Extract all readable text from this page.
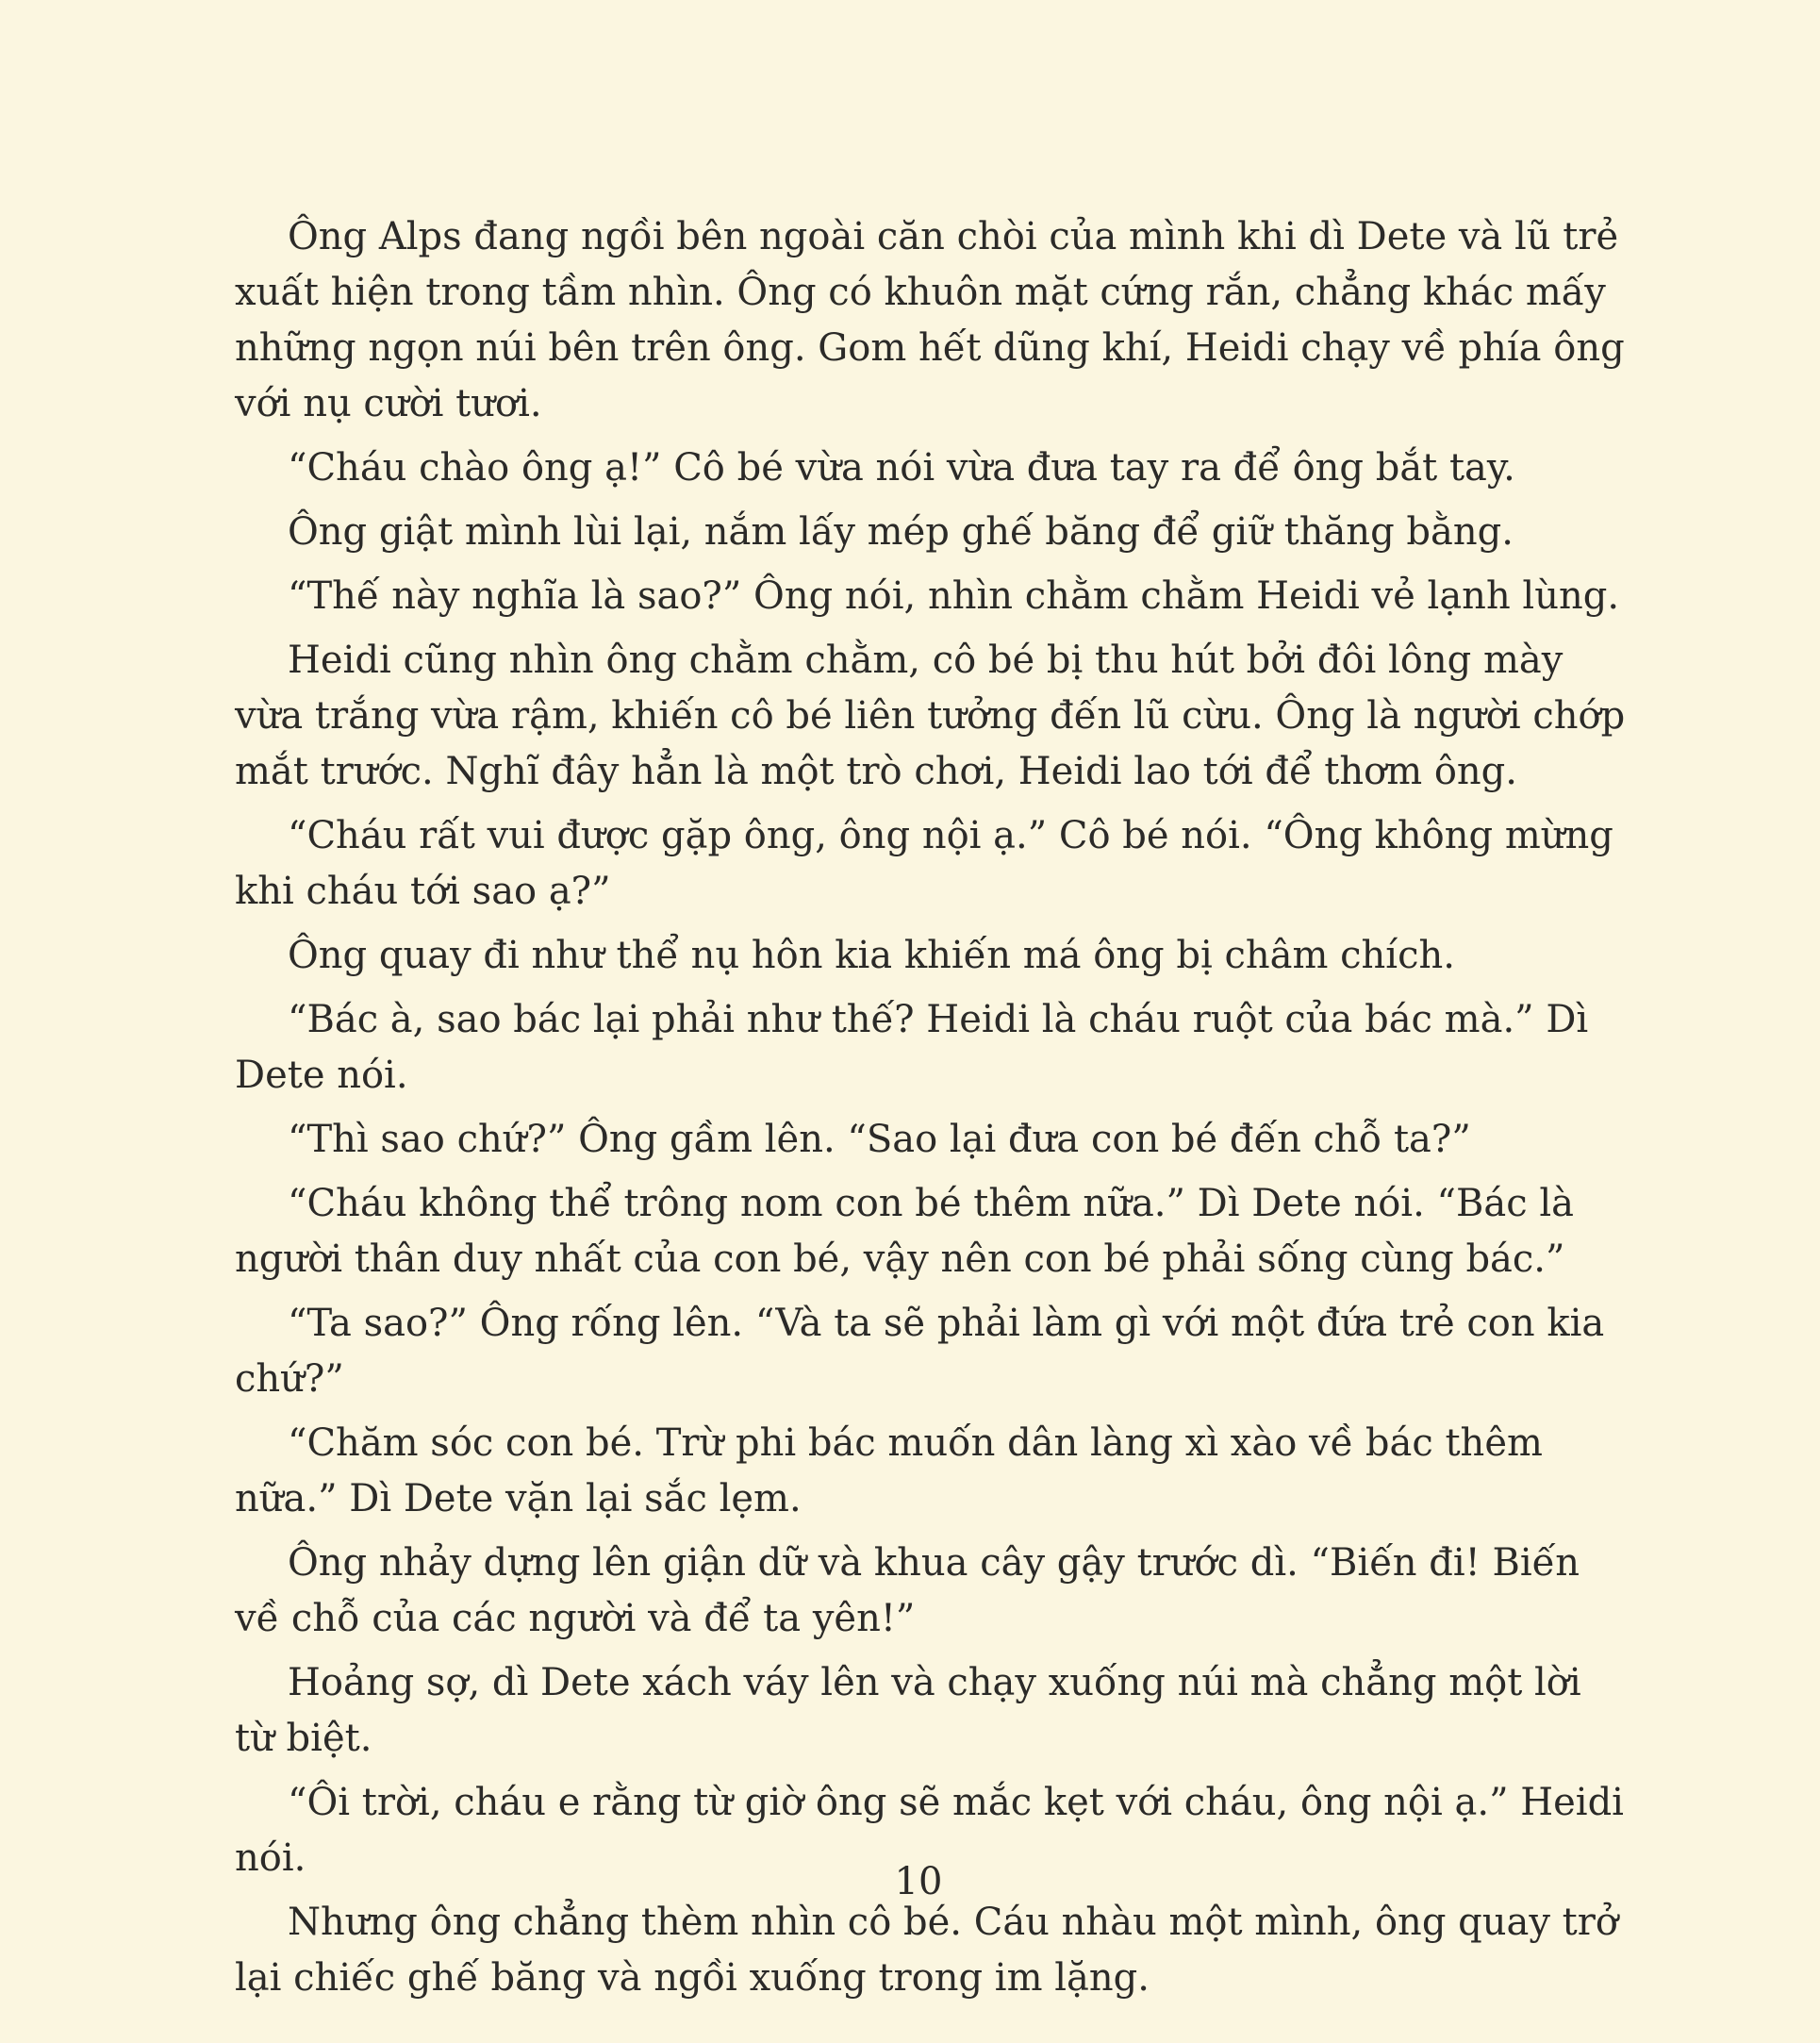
Ông Alps đang ngồi bên ngoài căn chòi của mình khi dì Dete và lũ trẻ xuất hiện trong tầm nhìn. Ông có khuôn mặt cứng rắn, chẳng khác mấy những ngọn núi bên trên ông. Gom hết dũng khí, Heidi chạy về phía ông với nụ cười tươi.

“Cháu chào ông ạ!” Cô bé vừa nói vừa đưa tay ra để ông bắt tay.

Ông giật mình lùi lại, nắm lấy mép ghế băng để giữ thăng bằng.

“Thế này nghĩa là sao?” Ông nói, nhìn chằm chằm Heidi vẻ lạnh lùng.

Heidi cũng nhìn ông chằm chằm, cô bé bị thu hút bởi đôi lông mày vừa trắng vừa rậm, khiến cô bé liên tưởng đến lũ cừu. Ông là người chớp mắt trước. Nghĩ đây hẳn là một trò chơi, Heidi lao tới để thơm ông.

“Cháu rất vui được gặp ông, ông nội ạ.” Cô bé nói. “Ông không mừng khi cháu tới sao ạ?”

Ông quay đi như thể nụ hôn kia khiến má ông bị châm chích.

“Bác à, sao bác lại phải như thế? Heidi là cháu ruột của bác mà.” Dì Dete nói.

“Thì sao chứ?” Ông gầm lên. “Sao lại đưa con bé đến chỗ ta?”

“Cháu không thể trông nom con bé thêm nữa.” Dì Dete nói. “Bác là người thân duy nhất của con bé, vậy nên con bé phải sống cùng bác.”

“Ta sao?” Ông rống lên. “Và ta sẽ phải làm gì với một đứa trẻ con kia chứ?”

“Chăm sóc con bé. Trừ phi bác muốn dân làng xì xào về bác thêm nữa.” Dì Dete vặn lại sắc lẹm.

Ông nhảy dựng lên giận dữ và khua cây gậy trước dì. “Biến đi! Biến về chỗ của các người và để ta yên!”

Hoảng sợ, dì Dete xách váy lên và chạy xuống núi mà chẳng một lời từ biệt.

“Ôi trời, cháu e rằng từ giờ ông sẽ mắc kẹt với cháu, ông nội ạ.” Heidi nói.

Nhưng ông chẳng thèm nhìn cô bé. Cáu nhàu một mình, ông quay trở lại chiếc ghế băng và ngồi xuống trong im lặng.

10
